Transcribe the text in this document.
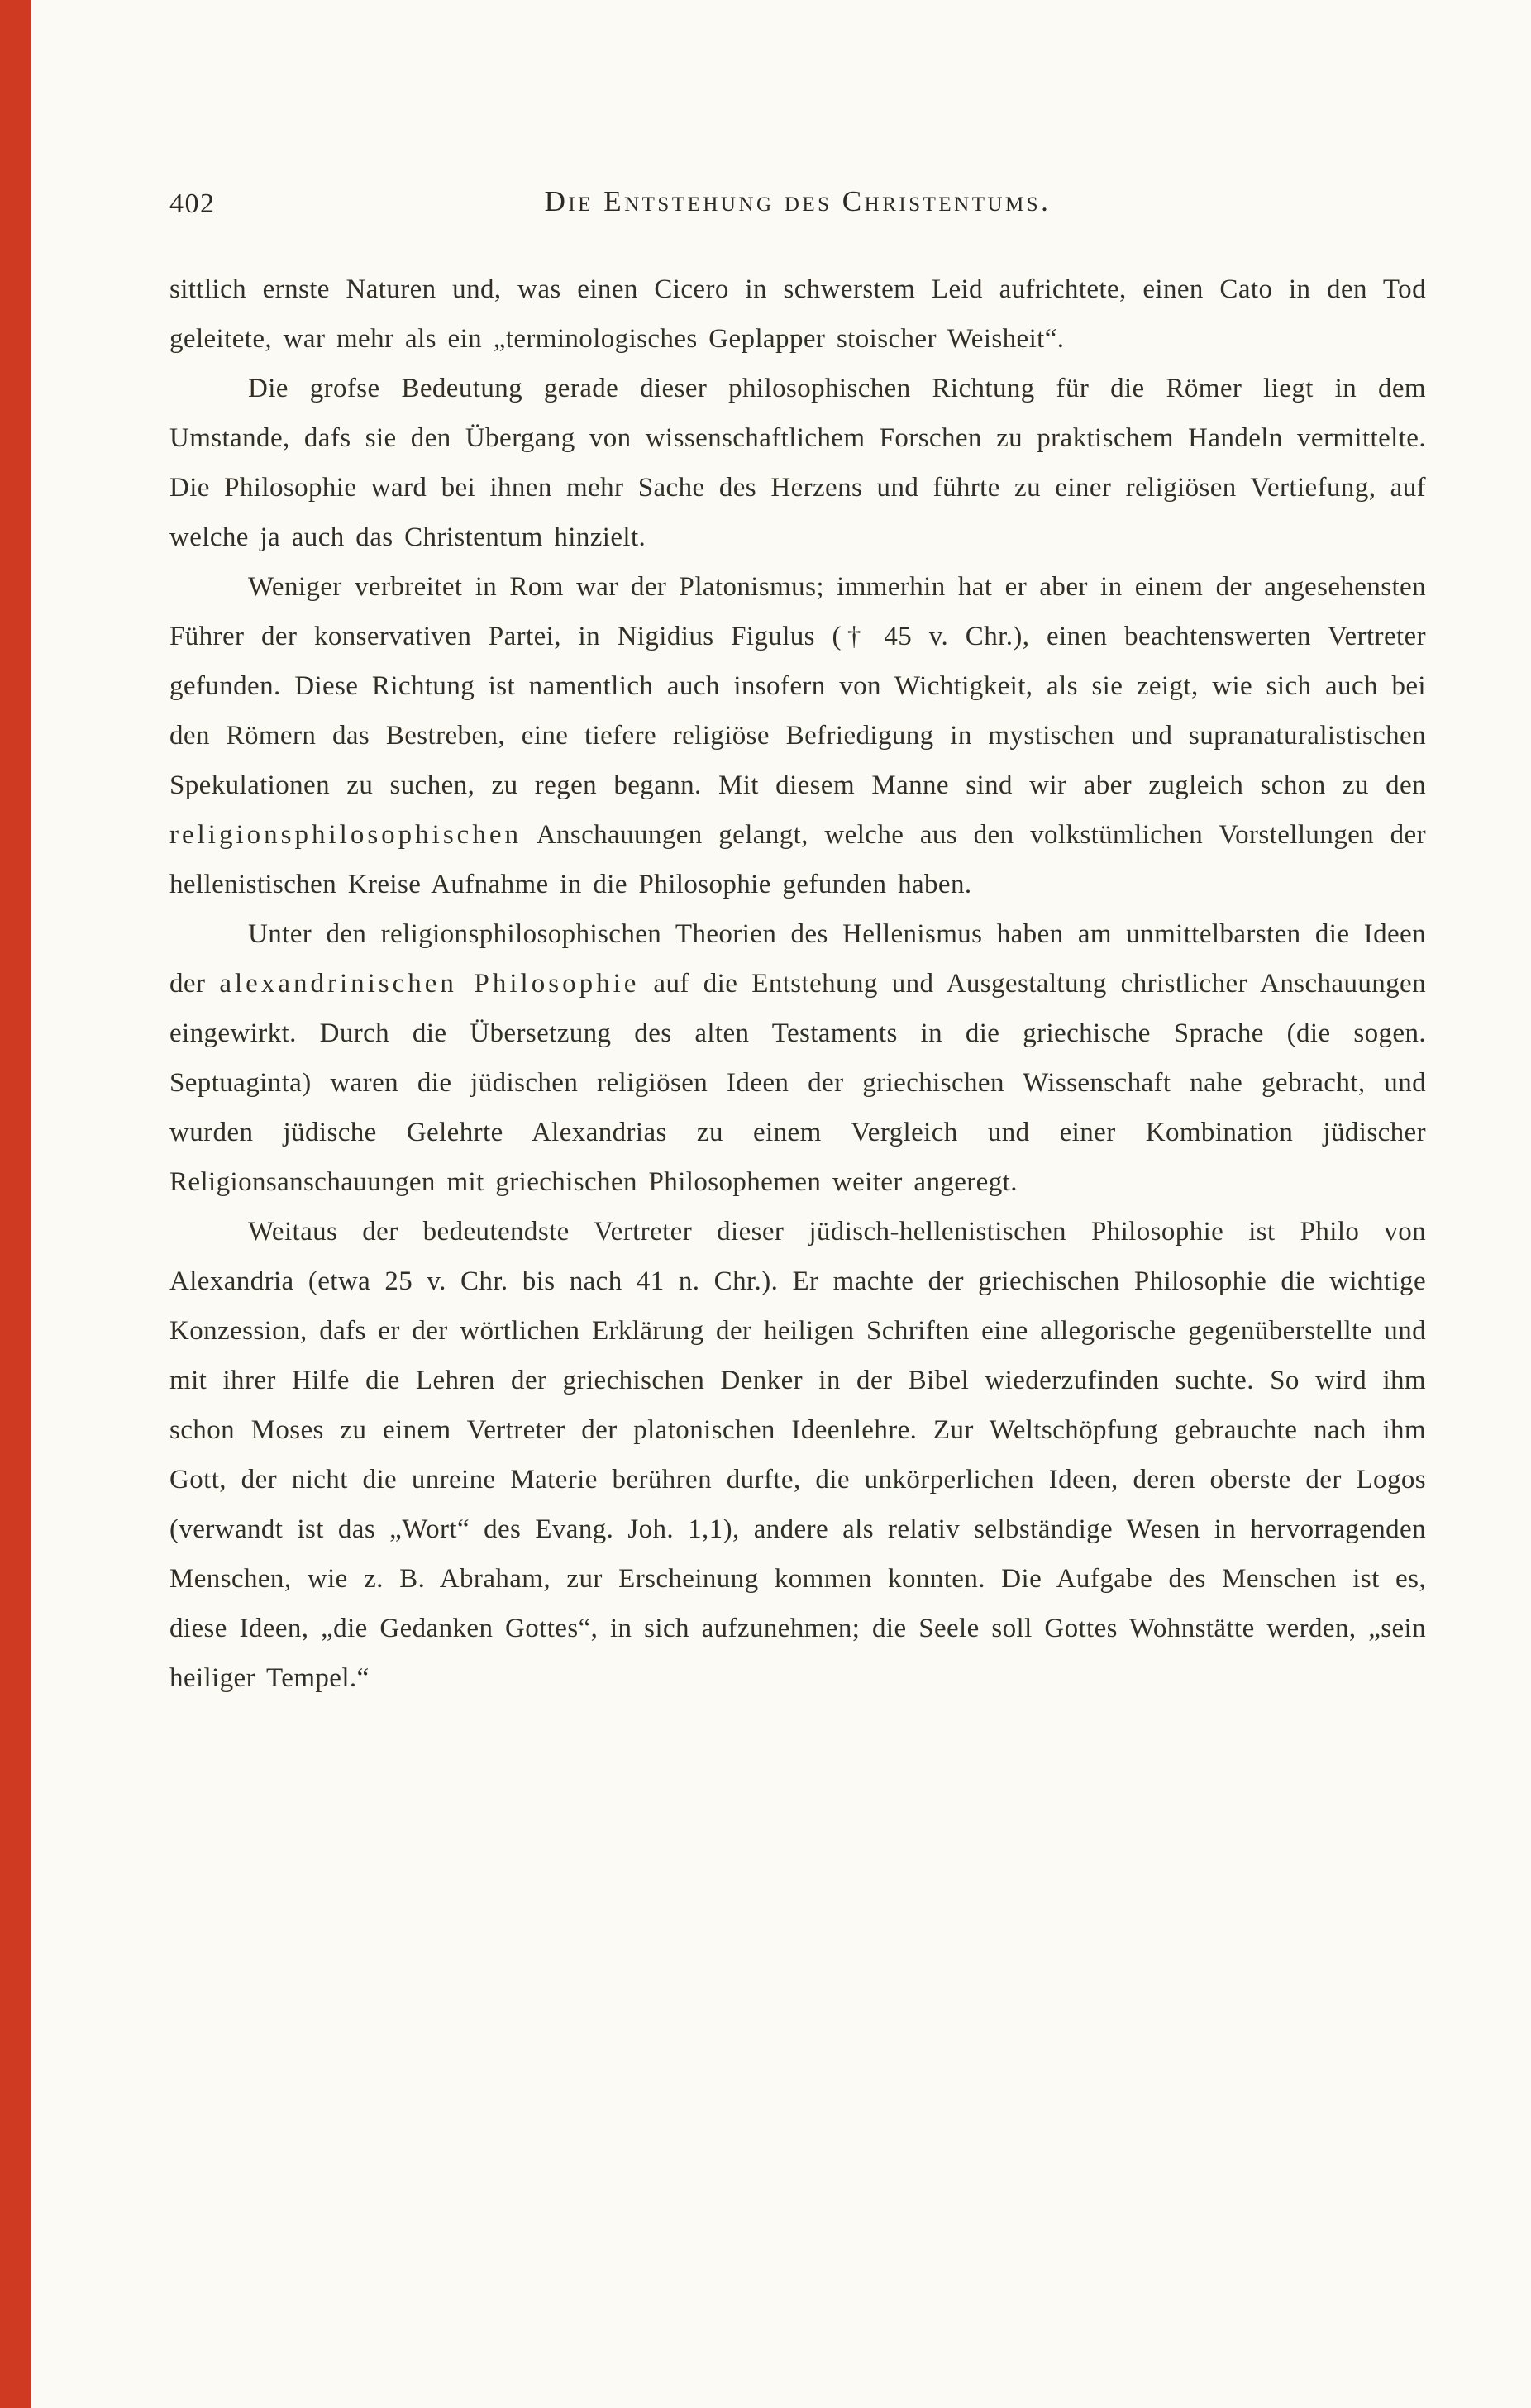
402	Die Entstehung des Christentums.

sittlich ernste Naturen und, was einen Cicero in schwerstem Leid aufrichtete, einen Cato in den Tod geleitete, war mehr als ein „terminologisches Geplapper stoischer Weisheit“.

Die grofse Bedeutung gerade dieser philosophischen Richtung für die Römer liegt in dem Umstande, dafs sie den Übergang von wissenschaftlichem Forschen zu praktischem Handeln vermittelte. Die Philosophie ward bei ihnen mehr Sache des Herzens und führte zu einer religiösen Vertiefung, auf welche ja auch das Christentum hinzielt.

Weniger verbreitet in Rom war der Platonismus; immerhin hat er aber in einem der angesehensten Führer der konservativen Partei, in Nigidius Figulus († 45 v. Chr.), einen beachtenswerten Vertreter gefunden. Diese Richtung ist namentlich auch insofern von Wichtigkeit, als sie zeigt, wie sich auch bei den Römern das Bestreben, eine tiefere religiöse Befriedigung in mystischen und supranaturalistischen Spekulationen zu suchen, zu regen begann. Mit diesem Manne sind wir aber zugleich schon zu den religionsphilosophischen Anschauungen gelangt, welche aus den volkstümlichen Vorstellungen der hellenistischen Kreise Aufnahme in die Philosophie gefunden haben.

Unter den religionsphilosophischen Theorien des Hellenismus haben am unmittelbarsten die Ideen der alexandrinischen Philosophie auf die Entstehung und Ausgestaltung christlicher Anschauungen eingewirkt. Durch die Übersetzung des alten Testaments in die griechische Sprache (die sogen. Septuaginta) waren die jüdischen religiösen Ideen der griechischen Wissenschaft nahe gebracht, und wurden jüdische Gelehrte Alexandrias zu einem Vergleich und einer Kombination jüdischer Religionsanschauungen mit griechischen Philosophemen weiter angeregt.

Weitaus der bedeutendste Vertreter dieser jüdisch-hellenistischen Philosophie ist Philo von Alexandria (etwa 25 v. Chr. bis nach 41 n. Chr.). Er machte der griechischen Philosophie die wichtige Konzession, dafs er der wörtlichen Erklärung der heiligen Schriften eine allegorische gegenüberstellte und mit ihrer Hilfe die Lehren der griechischen Denker in der Bibel wiederzufinden suchte. So wird ihm schon Moses zu einem Vertreter der platonischen Ideenlehre. Zur Weltschöpfung gebrauchte nach ihm Gott, der nicht die unreine Materie berühren durfte, die unkörperlichen Ideen, deren oberste der Logos (verwandt ist das „Wort“ des Evang. Joh. 1,1), andere als relativ selbständige Wesen in hervorragenden Menschen, wie z. B. Abraham, zur Erscheinung kommen konnten. Die Aufgabe des Menschen ist es, diese Ideen, „die Gedanken Gottes“, in sich aufzunehmen; die Seele soll Gottes Wohnstätte werden, „sein heiliger Tempel.“
